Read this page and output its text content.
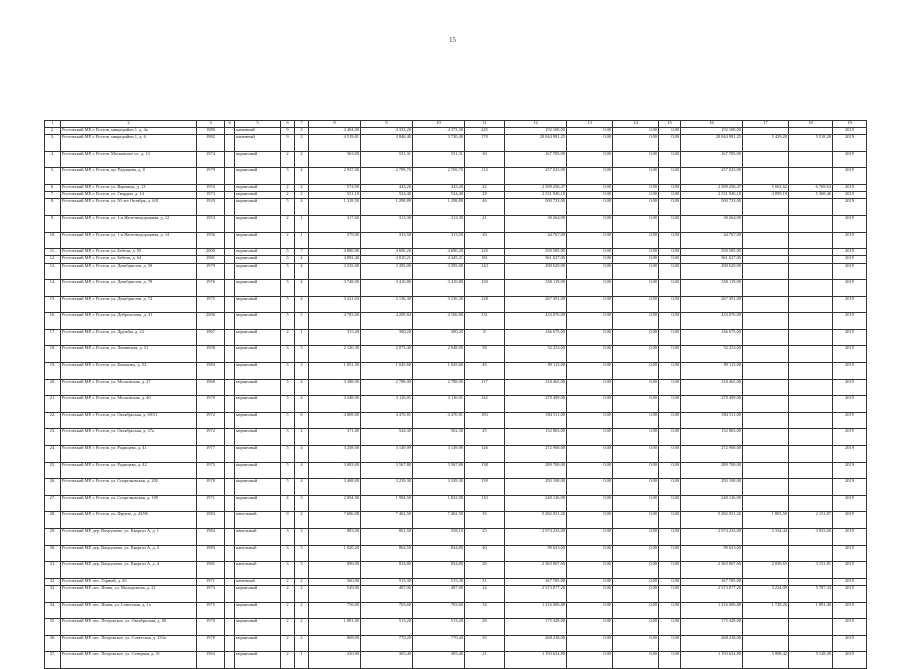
15
1	2	3	4	5	6	7	8	9	10	11	12	13	14	15	16	17	18	19
2.	Ростовский МР, г. Ростов, микрорайон 1, д. 4а	1980		каменный	9	3	4 404,00	4 333,20	4 373,30	245	192 100,00	0,00	0,00	0,00	192 100,00			2019
3.	Ростовский МР, г. Ростов, микрорайон 1, д. 6	1982		каменный	9	2	4 519,81	3 846,40	3 720,40	170	20 844 981,25	0,00	0,00	0,00	20 844 981,25	5 429,28	5 518,28	2019
4.	Ростовский МР, г. Ростов, Московское ш., д. 13	1974		кирпичный	2	2	563,00	531,31	531,31	30	167 785,00	0,00	0,00	0,00	167 785,00			2019
5.	Ростовский МР, г. Ростов, пр. Радищева, д. 8	1979		кирпичный	5	4	2 937,00	2 799,70	2 769,70	114	257 023,00	0,00	0,00	0,00	257 023,00			2019
6.	Ростовский МР, г. Ростов, ул. Варницы, д. 13	1953		кирпичный	2	2	574,90	443,20	443,20	22	2 399 256,47	0,00	0,00	0,00	2 399 256,47	5 663,62	6 769,63	2019
7.	Ростовский МР, г. Ростов, ул. Гвардии, д. 14	1973		кирпичный	2	2	531,19	524,40	524,40	28	2 531 940,18	0,00	0,00	0,00	2 531 940,18	4 899,19	5 368,46	2019
8.	Ростовский МР, г. Ростов, ул. 50 лет Октября, д. 6/8	1929		кирпичный	5	4	1 318,50	1 298,89	1 298,89	46	500 733,00	0,00	0,00	0,00	500 733,00			2019
9.	Ростовский МР, г. Ростов, ул. 1-я Железнодорожная, д. 12	1953		кирпичный	2	1	317,60	313,30	313,30	21	30 264,00	0,00	0,00	0,00	30 264,00			2019
10.	Ростовский МР, г. Ростов, ул. 1-я Железнодорожная, д. 14	1956		кирпичный	2	1	379,00	313,50	313,50	20	44 767,00	0,00	0,00	0,00	44 767,00			2019
11.	Ростовский МР, г. Ростов, ул. Бебеля, д. 95	2000		кирпичный	5	7	4 880,00	4 690,20	4 690,20	120	550 585,00	0,00	0,00	0,00	550 585,00			2019
12.	Ростовский МР, г. Ростов, ул. Бебеля, д. 64	1981		кирпичный	5	4	4 892,40	4 810,21	4 445,21	181	361 637,00	0,00	0,00	0,00	361 637,00			2019
13.	Ростовский МР, г. Ростов, ул. Декабристов, д. 50	1979		кирпичный	5	4	3 535,00	3 395,00	3 395,00	143	290 629,00	0,00	0,00	0,00	290 629,00			2019
14.	Ростовский МР, г. Ростов, ул. Декабристов, д. 78	1976		кирпичный	5	4	3 748,00	3 410,80	3 410,80	150	350 119,00	0,00	0,00	0,00	350 119,00			2019
15.	Ростовский МР, г. Ростов, ул. Декабристов, д. 74	1975		кирпичный	5	4	3 321,03	3 136,30	3 136,30	128	267 391,00	0,00	0,00	0,00	267 391,00			2019
16.	Ростовский МР, г. Ростов, ул. Доброхотова, д. 31	2006		кирпичный	5	5	4 783,00	4 209,84	4 166,80	131	433 076,00	0,00	0,00	0,00	433 076,00			2019
17.	Ростовский МР, г. Ростов, ул. Дружбы, д. 23	1967		кирпичный	2	1	315,20	300,20	300,20	8	146 675,00	0,00	0,00	0,00	146 675,00			2019
18.	Ростовский МР, г. Ростов, ул. Ленинская, д. 51	1958		кирпичный	3	3	2 120,30	2 073,40	2 048,00	58	52 253,00	0,00	0,00	0,00	52 253,00			2019
19.	Ростовский МР, г. Ростов, ул. Коммуны, д. 52	1983		кирпичный	3	3	1 051,50	1 045,60	1 045,60	49	89 113,00	0,00	0,00	0,00	89 113,00			2019
20.	Ростовский МР, г. Ростов, ул. Московская, д. 27	1968		кирпичный	5	4	3 388,00	2 788,00	2 788,00	117	318 465,00	0,00	0,00	0,00	318 465,00			2019
21.	Ростовский МР, г. Ростов, ул. Московская, д. 40	1970		кирпичный	5	4	3 348,00	3 116,01	3 116,01	142	270 499,00	0,00	0,00	0,00	270 499,00			2019
22.	Ростовский МР, г. Ростов, ул. Октябрьская, д. 69/31	1972		кирпичный	5	6	4 869,00	4 470,81	4 470,81	183	384 511,00	0,00	0,00	0,00	384 511,00			2019
23.	Ростовский МР, г. Ростов, ул. Октябрьская, д. 37а	1972		кирпичный	3	2	371,00	544,30	502,30	25	152 863,00	0,00	0,00	0,00	152 863,00			2019
24.	Ростовский МР, г. Ростов, ул. Радищева, д. 41	1977		кирпичный	5	4	3 258,00	3 149,09	3 149,09	126	272 968,00	0,00	0,00	0,00	272 968,00			2019
25.	Ростовский МР, г. Ростов, ул. Радищева, д. 42	1975		кирпичный	5	4	3 683,00	3 567,80	3 567,80	138	289 700,00	0,00	0,00	0,00	289 700,00			2019
26.	Ростовский МР, г. Ростов, ул. Спартаковская, д. 202	1978		кирпичный	5	4	3 468,00	3 239,30	3 329,30	139	293 108,00	0,00	0,00	0,00	293 108,00			2019
27.	Ростовский МР, г. Ростов, ул. Спартаковская, д. 109	1971		кирпичный	4	3	2 094,00	1 994,50	1 822,00	110	240 126,00	0,00	0,00	0,00	240 126,00			2019
28.	Ростовский МР, г. Ростов, ул. Фрунзе, д. 43/96	1983		панельный	9	2	7 686,08	7 462,50	7 462,50	35	5 282 931,20	0,00	0,00	0,00	5 282 931,20	1 803,50	2 151,87	2019
29.	Ростовский МР, дер. Вахрушево, ул. Квартал А, д. 1	1984		панельный	3	3	883,00	861,50	558,10	25	2 974 233,00	0,00	0,00	0,00	2 974 233,00	3 334,44	3 933,00	2019
30.	Ростовский МР, дер. Вахрушево, ул. Квартал А, д. 3	1983		панельный	3	3	1 020,20	864,50	844,80	40	99 633,00	0,00	0,00	0,00	99 633,00			2019
31.	Ростовский МР, дер. Вахрушево, ул. Квартал А, д. 4	1981		панельный	3	3	896,00	834,80	834,80	29	2 363 007,60	0,00	0,00	0,00	2 363 007,60	2 830,65	3 151,81	2019
32.	Ростовский МР, пос. Горный, д. 2б	1971		каменный	2	2	560,00	515,30	515,30	31	167 785,00	0,00	0,00	0,00	167 785,00			2019
33.	Ростовский МР, пос. Ишня, ул. Молодежная, д. 21	1973		кирпичный	2	2	549,00	487,00	487,00	24	2 573 077,20	0,00	0,00	0,00	2 573 077,20	5 234,09	5 787,33	2019
34.	Ростовский МР, пос. Ишня, ул. Советская, д. 1а	1975		кирпичный	2	2	756,00	703,60	703,60	34	1 216 006,88	0,00	0,00	0,00	1 216 006,88	1 728,26	1 891,40	2019
35.	Ростовский МР, пос. Петровское, ул. Октябрьская, д. 60	1970		кирпичный	2	2	1 881,00	513,20	513,20	28	175 428,00	0,00	0,00	0,00	175 428,00			2019
36.	Ростовский МР, пос. Петровское, ул. Советская, д. 133а	1978		кирпичный	2	2	808,00	770,20	770,20	35	268 238,00	0,00	0,00	0,00	268 238,00			2019
37.	Ростовский МР, пос. Петровское, ул. Северная, д. 31	1963		кирпичный	2	1	320,90	305,40	305,40	21	1 193 632,80	0,00	0,00	0,00	1 193 632,80	3 908,42	5 128,49	2019
